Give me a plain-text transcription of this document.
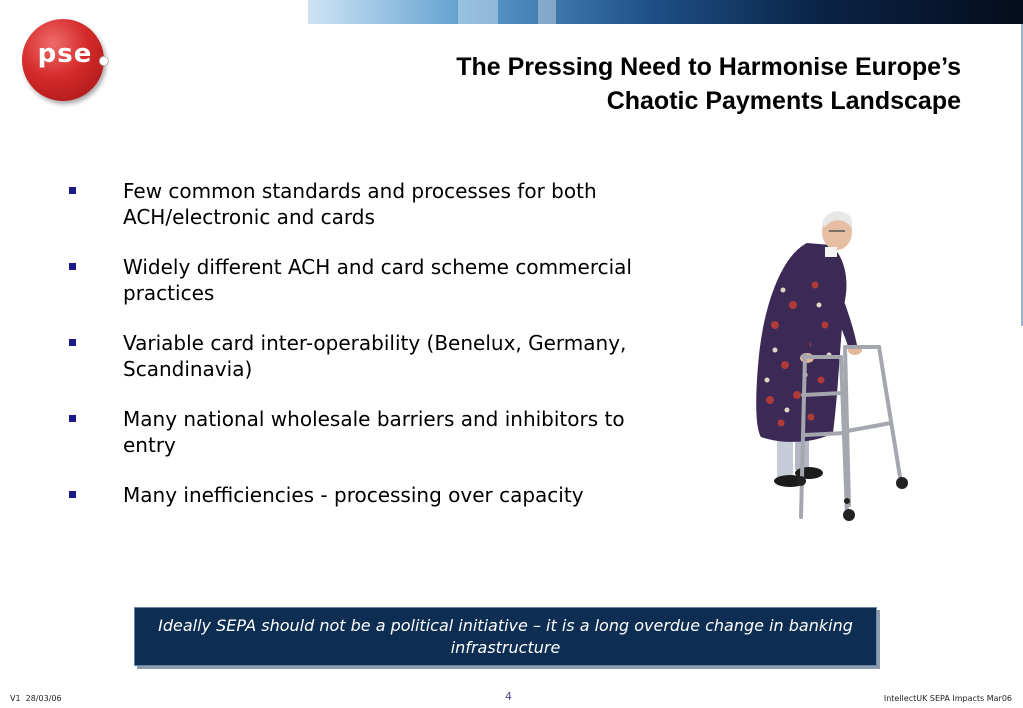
pse	The Pressing Need to Harmonise Europe’s
Chaotic Payments Landscape
Few common standards and processes for both ACH/electronic and cards
Widely different ACH and card scheme commercial practices
Variable card inter-operability (Benelux, Germany, Scandinavia)
Many national wholesale barriers and inhibitors to entry
Many inefficiencies - processing over capacity
Ideally SEPA should not be a political initiative – it is a long overdue change in banking infrastructure
V1  28/03/06	4	IntellectUK SEPA Impacts Mar06
